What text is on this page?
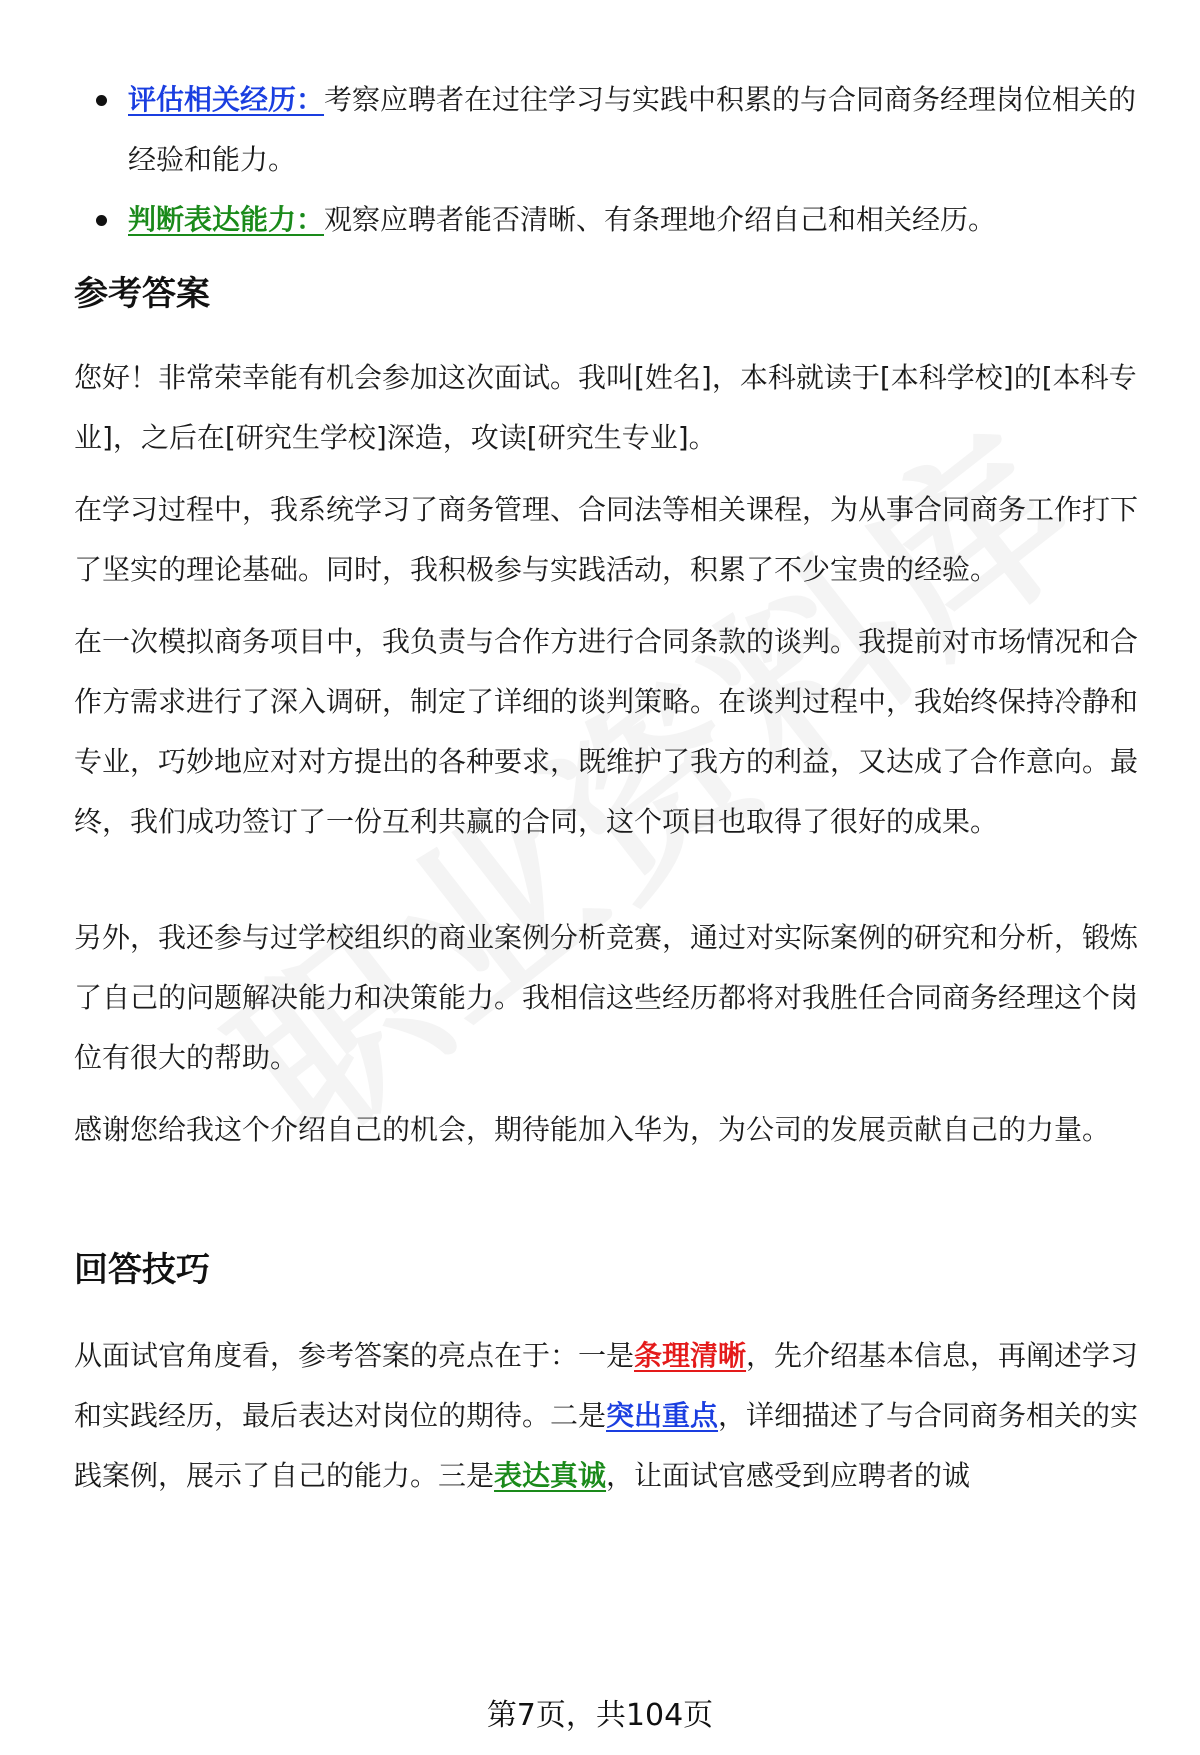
评估相关经历：考察应聘者在过往学习与实践中积累的与合同商务经理岗位相关的经验和能力。
判断表达能力：观察应聘者能否清晰、有条理地介绍自己和相关经历。
参考答案

您好！非常荣幸能有机会参加这次面试。我叫[姓名]，本科就读于[本科学校]的[本科专业]，之后在[研究生学校]深造，攻读[研究生专业]。

在学习过程中，我系统学习了商务管理、合同法等相关课程，为从事合同商务工作打下了坚实的理论基础。同时，我积极参与实践活动，积累了不少宝贵的经验。

在一次模拟商务项目中，我负责与合作方进行合同条款的谈判。我提前对市场情况和合作方需求进行了深入调研，制定了详细的谈判策略。在谈判过程中，我始终保持冷静和专业，巧妙地应对对方提出的各种要求，既维护了我方的利益，又达成了合作意向。最终，我们成功签订了一份互利共赢的合同，这个项目也取得了很好的成果。

另外，我还参与过学校组织的商业案例分析竞赛，通过对实际案例的研究和分析，锻炼了自己的问题解决能力和决策能力。我相信这些经历都将对我胜任合同商务经理这个岗位有很大的帮助。

感谢您给我这个介绍自己的机会，期待能加入华为，为公司的发展贡献自己的力量。

回答技巧

从面试官角度看，参考答案的亮点在于：一是条理清晰，先介绍基本信息，再阐述学习和实践经历，最后表达对岗位的期待。二是突出重点，详细描述了与合同商务相关的实践案例，展示了自己的能力。三是表达真诚，让面试官感受到应聘者的诚

第7页，共104页
